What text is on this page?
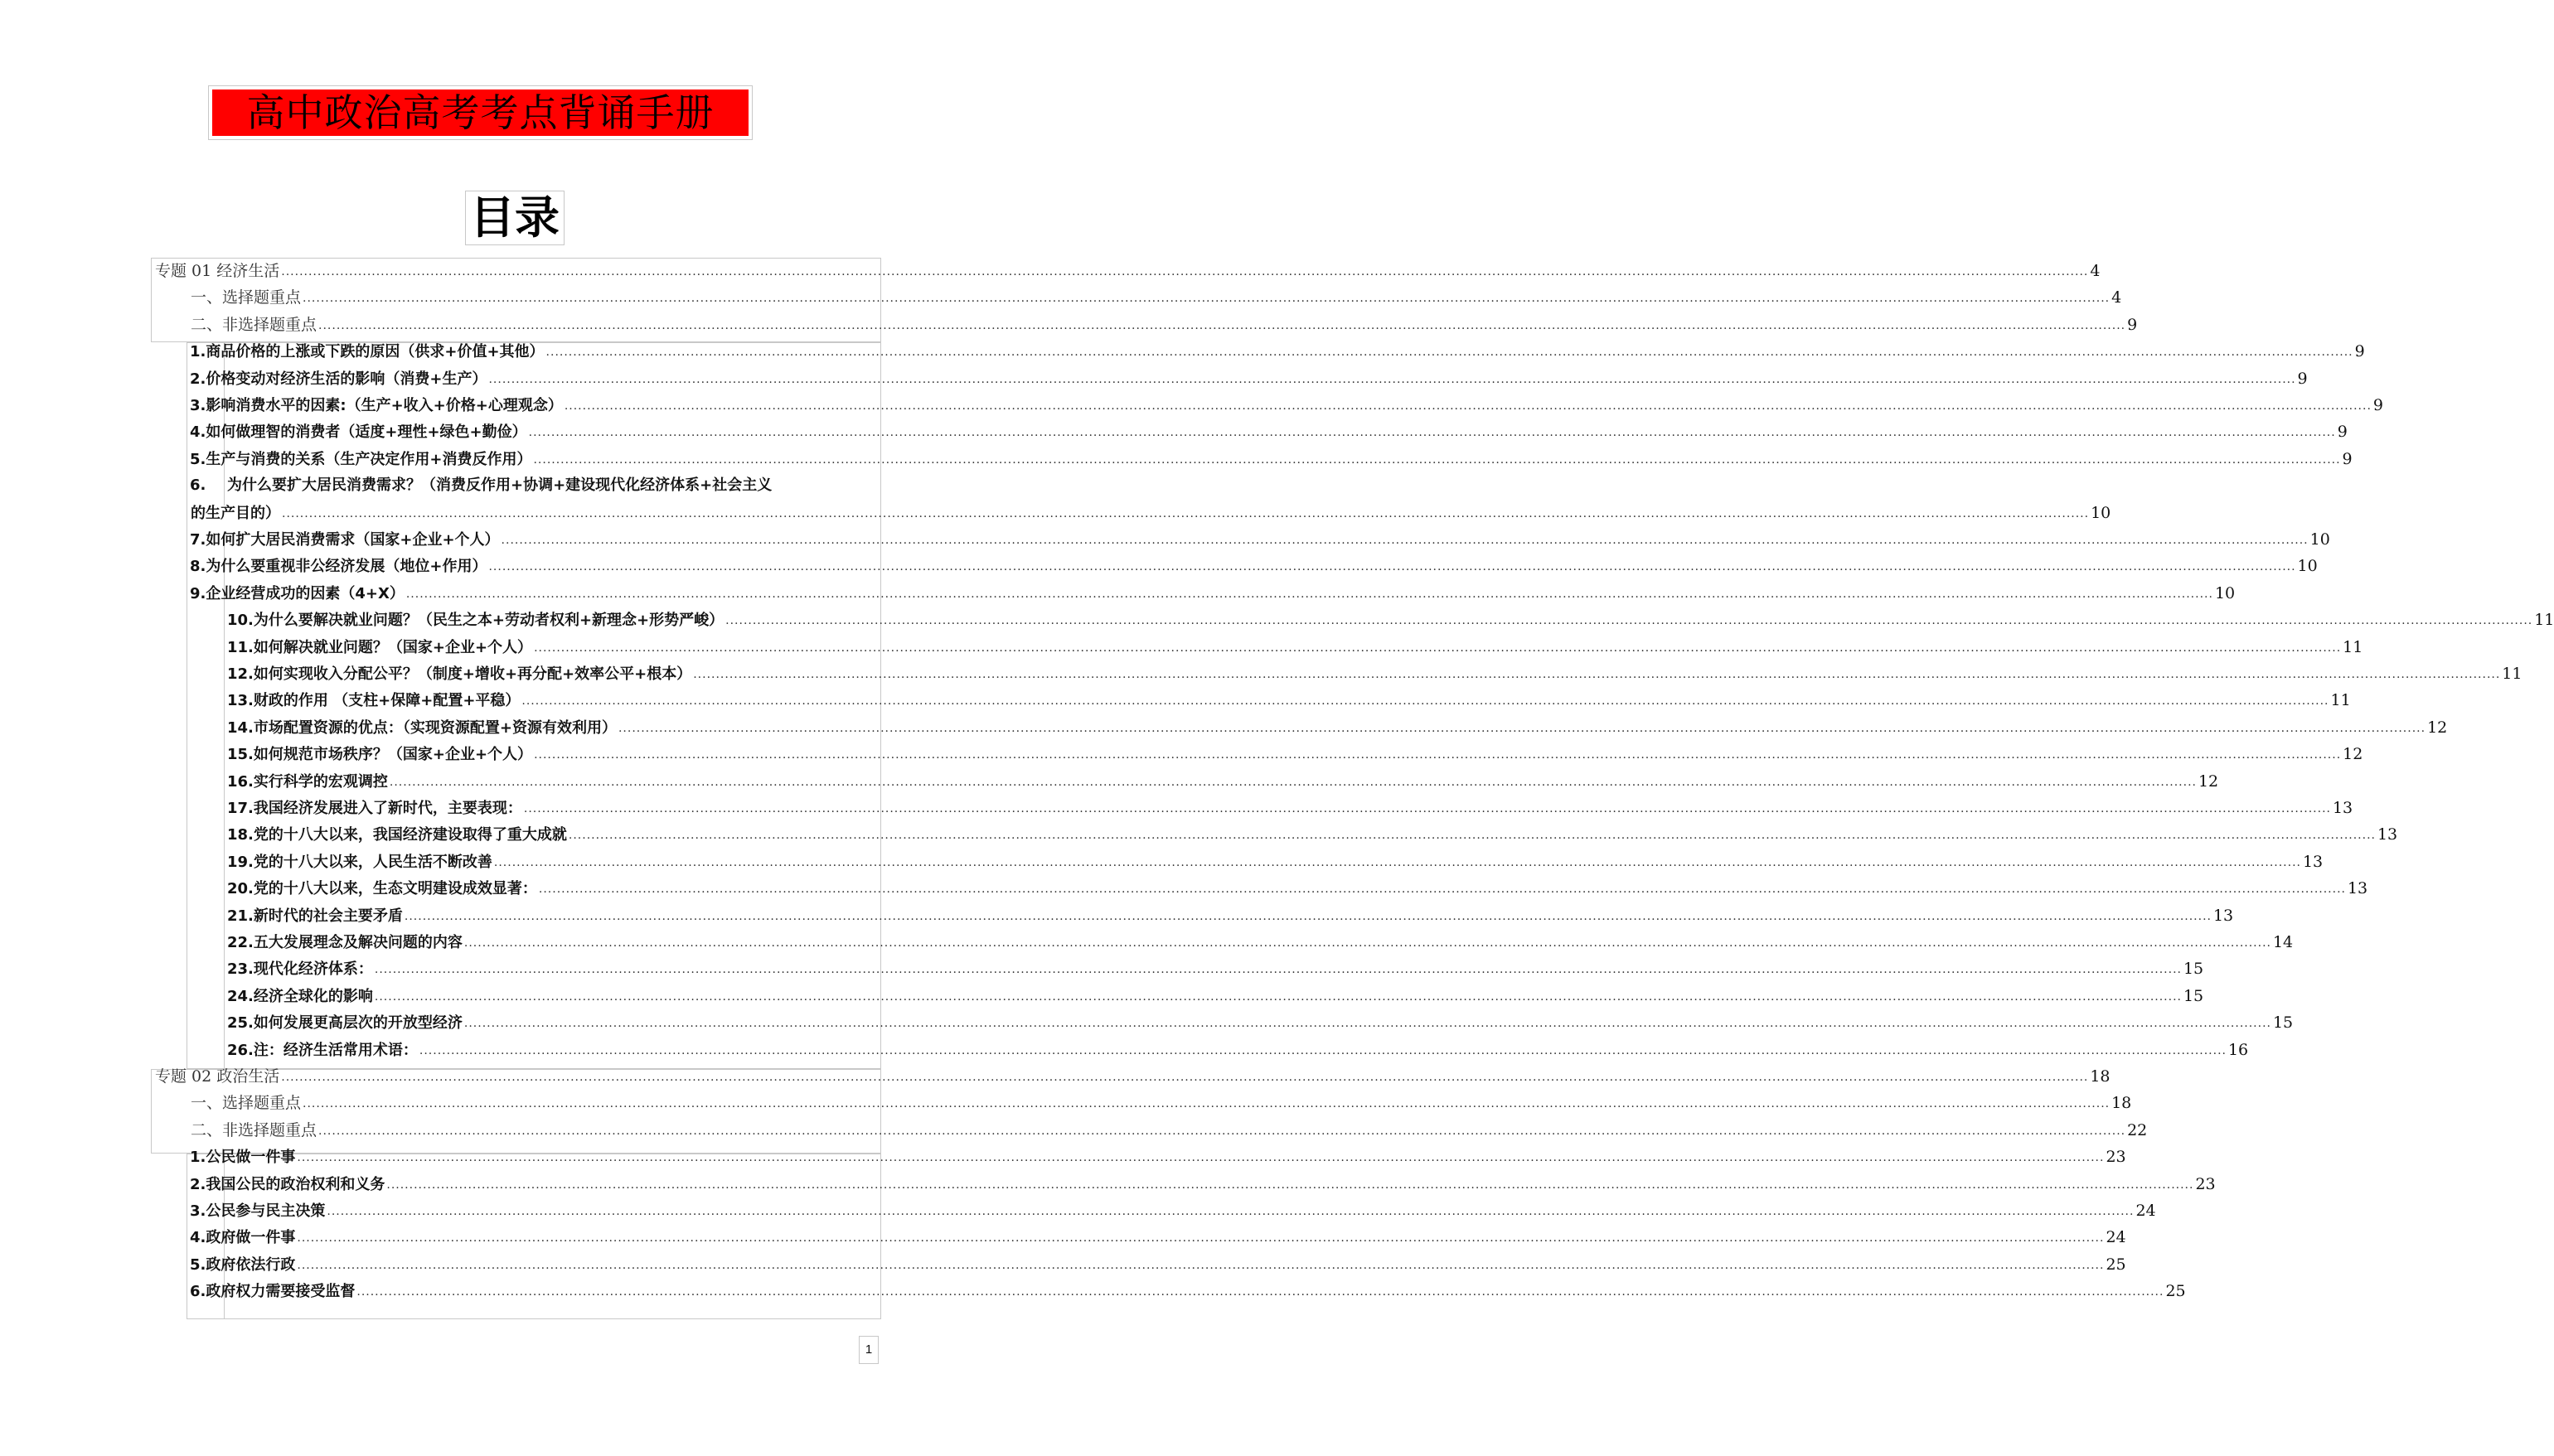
高中政治高考考点背诵手册
目录
专题 01 经济生活 ................................................................................................................................................................................................................................................................................................................................................................................................................ 4
一、选择题重点 ................................................................................................................................................................................................................................................................................................................................................................................................................ 4
二、非选择题重点 ................................................................................................................................................................................................................................................................................................................................................................................................................ 9
1. 商品价格的上涨或下跌的原因（供求+价值+其他） ................................................................................................................................................................................................................................................................................................................................................................................................................ 9
2. 价格变动对经济生活的影响（消费+生产） ................................................................................................................................................................................................................................................................................................................................................................................................................ 9
3. 影响消费水平的因素:（生产+收入+价格+心理观念） ................................................................................................................................................................................................................................................................................................................................................................................................................ 9
4. 如何做理智的消费者（适度+理性+绿色+勤俭） ................................................................................................................................................................................................................................................................................................................................................................................................................ 9
5. 生产与消费的关系（生产决定作用+消费反作用） ................................................................................................................................................................................................................................................................................................................................................................................................................ 9
6.	为什么要扩大居民消费需求？（消费反作用+协调+建设现代化经济体系+社会主义
的生产目的） ................................................................................................................................................................................................................................................................................................................................................................................................................ 10
7. 如何扩大居民消费需求（国家+企业+个人） ................................................................................................................................................................................................................................................................................................................................................................................................................ 10
8. 为什么要重视非公经济发展（地位+作用） ................................................................................................................................................................................................................................................................................................................................................................................................................ 10
9. 企业经营成功的因素（4+X） ................................................................................................................................................................................................................................................................................................................................................................................................................ 10
10. 为什么要解决就业问题？（民生之本+劳动者权利+新理念+形势严峻） ................................................................................................................................................................................................................................................................................................................................................................................................................ 11
11. 如何解决就业问题？（国家+企业+个人） ................................................................................................................................................................................................................................................................................................................................................................................................................ 11
12. 如何实现收入分配公平？（制度+增收+再分配+效率公平+根本） ................................................................................................................................................................................................................................................................................................................................................................................................................ 11
13. 财政的作用 （支柱+保障+配置+平稳） ................................................................................................................................................................................................................................................................................................................................................................................................................ 11
14. 市场配置资源的优点：（实现资源配置+资源有效利用） ................................................................................................................................................................................................................................................................................................................................................................................................................ 12
15. 如何规范市场秩序？（国家+企业+个人） ................................................................................................................................................................................................................................................................................................................................................................................................................ 12
16. 实行科学的宏观调控 ................................................................................................................................................................................................................................................................................................................................................................................................................ 12
17. 我国经济发展进入了新时代，主要表现： ................................................................................................................................................................................................................................................................................................................................................................................................................ 13
18. 党的十八大以来，我国经济建设取得了重大成就 ................................................................................................................................................................................................................................................................................................................................................................................................................ 13
19. 党的十八大以来，人民生活不断改善 ................................................................................................................................................................................................................................................................................................................................................................................................................ 13
20. 党的十八大以来，生态文明建设成效显著： ................................................................................................................................................................................................................................................................................................................................................................................................................ 13
21. 新时代的社会主要矛盾 ................................................................................................................................................................................................................................................................................................................................................................................................................ 13
22. 五大发展理念及解决问题的内容 ................................................................................................................................................................................................................................................................................................................................................................................................................ 14
23. 现代化经济体系： ................................................................................................................................................................................................................................................................................................................................................................................................................ 15
24. 经济全球化的影响 ................................................................................................................................................................................................................................................................................................................................................................................................................ 15
25. 如何发展更高层次的开放型经济 ................................................................................................................................................................................................................................................................................................................................................................................................................ 15
26. 注：经济生活常用术语： ................................................................................................................................................................................................................................................................................................................................................................................................................ 16
专题 02 政治生活 ................................................................................................................................................................................................................................................................................................................................................................................................................ 18
一、选择题重点 ................................................................................................................................................................................................................................................................................................................................................................................................................ 18
二、非选择题重点 ................................................................................................................................................................................................................................................................................................................................................................................................................ 22
1. 公民做一件事 ................................................................................................................................................................................................................................................................................................................................................................................................................ 23
2. 我国公民的政治权利和义务 ................................................................................................................................................................................................................................................................................................................................................................................................................ 23
3. 公民参与民主决策 ................................................................................................................................................................................................................................................................................................................................................................................................................ 24
4. 政府做一件事 ................................................................................................................................................................................................................................................................................................................................................................................................................ 24
5. 政府依法行政 ................................................................................................................................................................................................................................................................................................................................................................................................................ 25
6. 政府权力需要接受监督 ................................................................................................................................................................................................................................................................................................................................................................................................................ 25
1
